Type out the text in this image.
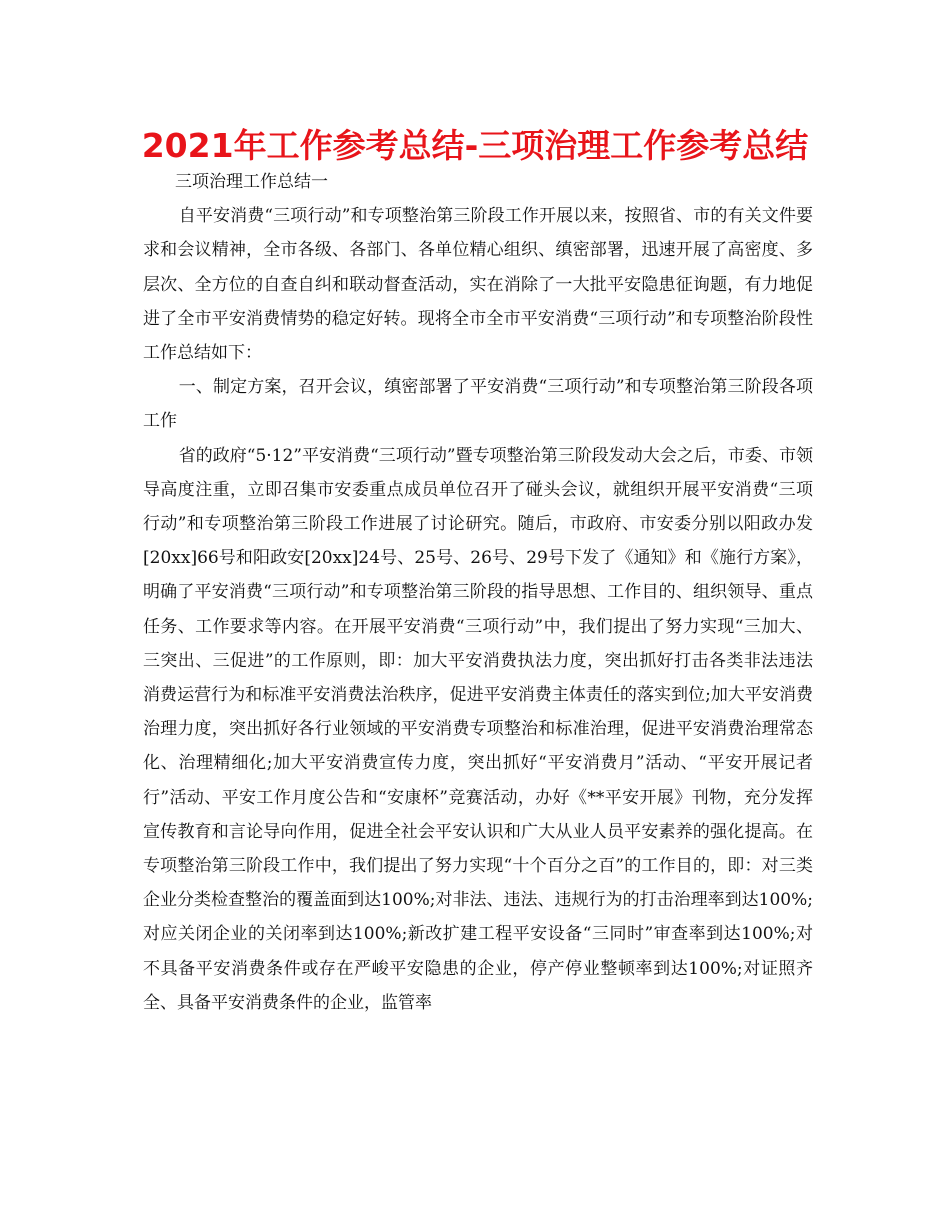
2021年工作参考总结-三项治理工作参考总结

三项治理工作总结一

自平安消费“三项行动”和专项整治第三阶段工作开展以来，按照省、市的有关文件要求和会议精神，全市各级、各部门、各单位精心组织、缜密部署，迅速开展了高密度、多层次、全方位的自查自纠和联动督查活动，实在消除了一大批平安隐患征询题，有力地促进了全市平安消费情势的稳定好转。现将全市全市平安消费“三项行动”和专项整治阶段性工作总结如下：

一、制定方案，召开会议，缜密部署了平安消费“三项行动”和专项整治第三阶段各项工作

省的政府“5·12”平安消费“三项行动”暨专项整治第三阶段发动大会之后，市委、市领导高度注重，立即召集市安委重点成员单位召开了碰头会议，就组织开展平安消费“三项行动”和专项整治第三阶段工作进展了讨论研究。随后，市政府、市安委分别以阳政办发[20xx]66号和阳政安[20xx]24号、25号、26号、29号下发了《通知》和《施行方案》，明确了平安消费“三项行动”和专项整治第三阶段的指导思想、工作目的、组织领导、重点任务、工作要求等内容。在开展平安消费“三项行动”中，我们提出了努力实现“三加大、三突出、三促进”的工作原则，即：加大平安消费执法力度，突出抓好打击各类非法违法消费运营行为和标准平安消费法治秩序，促进平安消费主体责任的落实到位;加大平安消费治理力度，突出抓好各行业领域的平安消费专项整治和标准治理，促进平安消费治理常态化、治理精细化;加大平安消费宣传力度，突出抓好“平安消费月”活动、“平安开展记者行”活动、平安工作月度公告和“安康杯”竞赛活动，办好《**平安开展》刊物，充分发挥宣传教育和言论导向作用，促进全社会平安认识和广大从业人员平安素养的强化提高。在专项整治第三阶段工作中，我们提出了努力实现“十个百分之百”的工作目的，即：对三类企业分类检查整治的覆盖面到达100%;对非法、违法、违规行为的打击治理率到达100%;对应关闭企业的关闭率到达100%;新改扩建工程平安设备“三同时”审查率到达100%;对不具备平安消费条件或存在严峻平安隐患的企业，停产停业整顿率到达100%;对证照齐全、具备平安消费条件的企业，监管率
